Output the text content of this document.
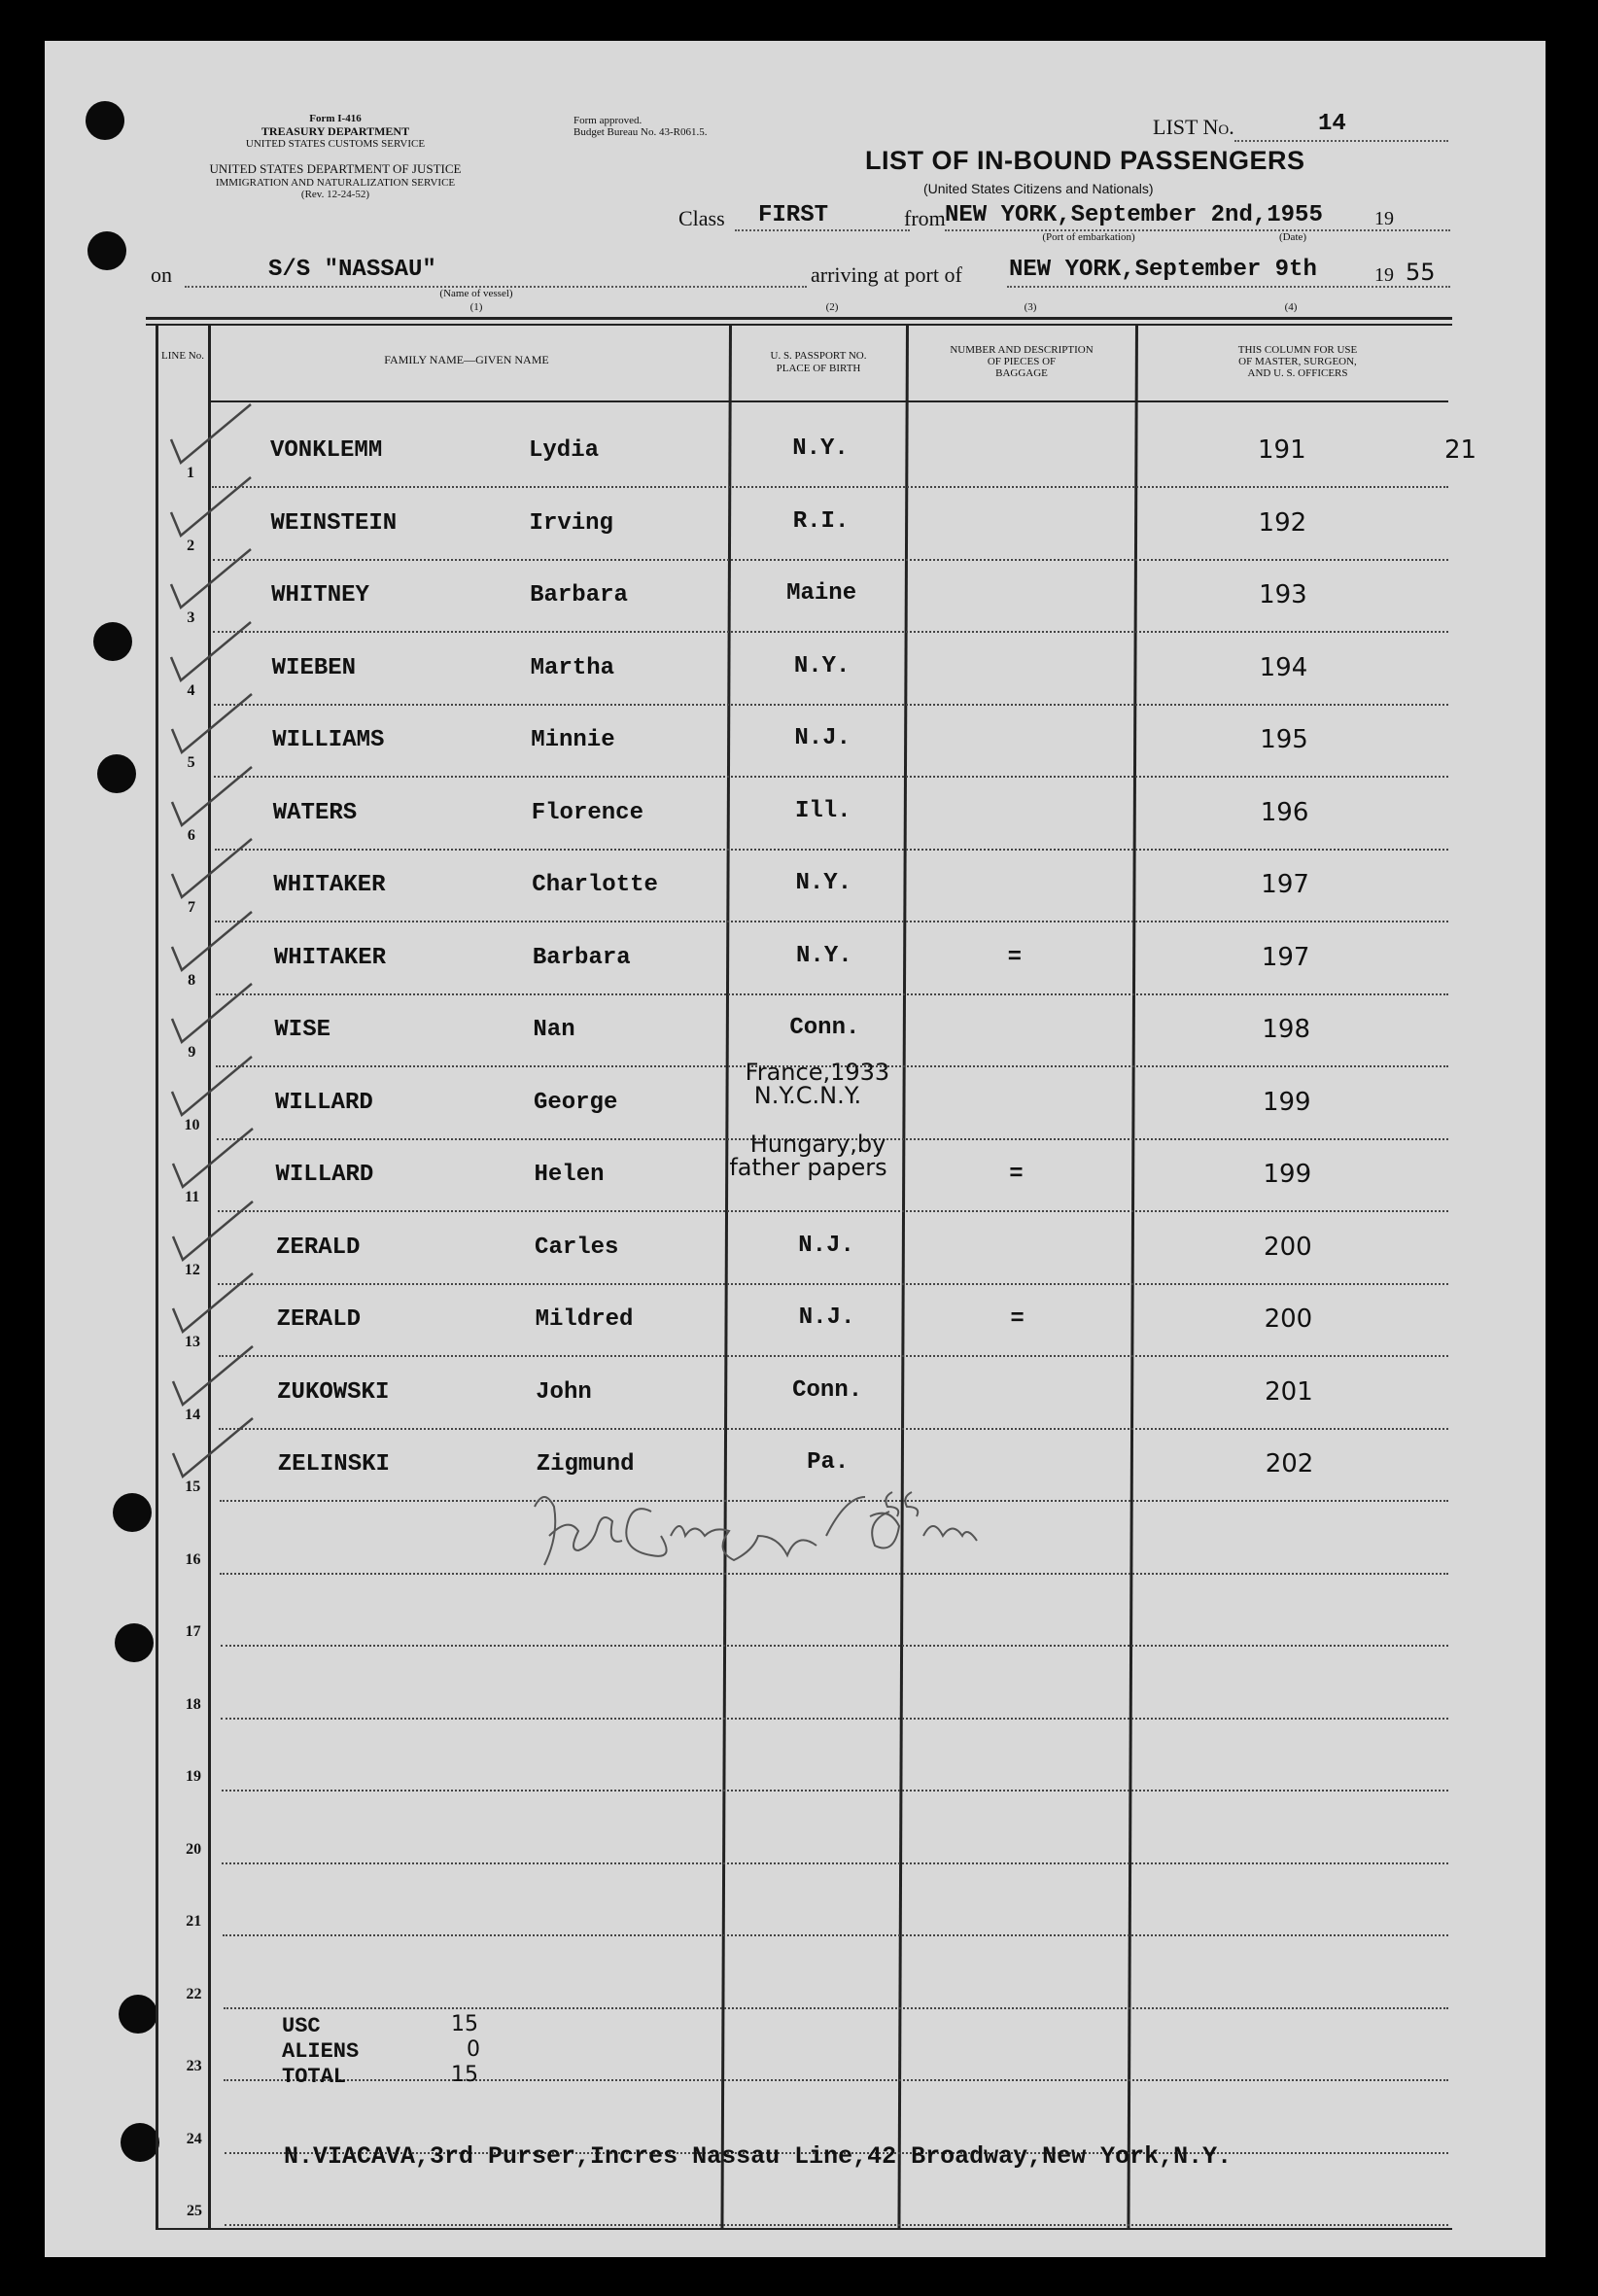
Form I-416
TREASURY DEPARTMENT
UNITED STATES CUSTOMS SERVICE
UNITED STATES DEPARTMENT OF JUSTICE
IMMIGRATION AND NATURALIZATION SERVICE
(Rev. 12-24-52)
Form approved.
Budget Bureau No. 43-R061.5.	LIST No.	14
LIST OF IN-BOUND PASSENGERS
(United States Citizens and Nationals)
Class FIRST	from NEW YORK,September 2nd,1955	19
(Port of embarkation)	(Date)
on	S/S "NASSAU"	arriving at port of NEW YORK,September 9th	19 55
(Name of vessel)
(1)	(2)	(3)	(4)
LINE No.	FAMILY NAME—GIVEN NAME	U. S. PASSPORT NO.
PLACE OF BIRTH
NUMBER AND DESCRIPTION
OF PIECES OF
BAGGAGE
THIS COLUMN FOR USE
OF MASTER, SURGEON,
AND U. S. OFFICERS
21
1
VONKLEMM	Lydia	N.Y.	191
2
WEINSTEIN	Irving	R.I.	192
3
WHITNEY	Barbara	Maine	193
4
WIEBEN	Martha	N.Y.	194
5
WILLIAMS	Minnie	N.J.	195
6
WATERS	Florence	Ill.	196
7
WHITAKER	Charlotte	N.Y.	197
8
WHITAKER	Barbara	N.Y.	=	197
9
WISE	Nan	Conn.	198
10
WILLARD	George
France,1933
N.Y.C.N.Y.	199
11
WILLARD	Helen
Hungary,by
father papers	=	199
12
ZERALD	Carles	N.J.	200
13
ZERALD	Mildred	N.J.	=	200
14
ZUKOWSKI	John	Conn.	201
15
ZELINSKI	Zigmund	Pa.	202
16
17
18
19
20
21
22
23
24
25
USC	15
ALIENS	0
TOTAL	15
N.VIACAVA,3rd Purser,Incres Nassau Line,42 Broadway,New York,N.Y.
